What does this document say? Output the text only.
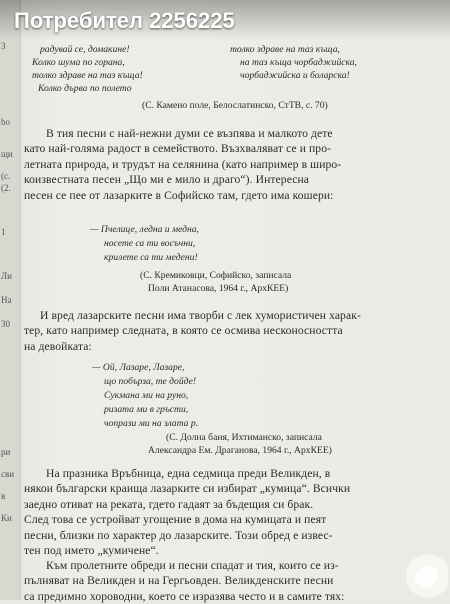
3
bo
щи
(с.
(2.
1
Ли
На
30
pи
сви
в
Ки
радувай се, домакине!
Колко шума по горана,
толко здраве на таз къща!
Колко дърва по полето
толко здраве на таз къща,
на таз къща чорбаджийска,
чорбаджийска и боларска!
(С. Камено поле, Белослатинско, СтТВ, с. 70)
В тия песни с най-нежни думи се възпява и малкото дете
като най-голяма радост в семейството. Възхваляват се и про-
летната природа, и трудът на селянина (като например в широ-
коизвестната песен „Що ми е мило и драго“). Интересна
песен се пее от лазарките в Софийско там, гдето има кошери:
— Пчелице, ледна и медна,
носете са ти восъчни,
крилете са ти медени!
(С. Кремиковци, Софийско, записала
Поли Атанасова, 1964 г., АрхКЕЕ)
И вред лазарските песни има творби с лек хумористичен харак-
тер, като например следната, в която се осмива несконосността
на девойката:
— Ой, Лазаре, Лазаре,
що побърза, те дойде!
Сукмана ми на руно,
ризата ми в гръсти,
чопрази ми на злата р.
(С. Долна баня, Ихтиманско, записала
Александра Ем. Драганова, 1964 г., АрхКЕЕ)
На празника Връбница, една седмица преди Великден, в
някои български краища лазарките си избират „кумица“. Всички
заедно отиват на реката, гдето гадаят за бъдещия си брак.
След това се устройват угощение в дома на кумицата и пеят
песни, близки по характер до лазарските. Този обред е извес-
тен под името „кумичене“.
Към пролетните обреди и песни спадат и тия, които се из-
пълняват на Великден и на Гергьовден. Великденските песни
са предимно хороводни, което се изразява често и в самите тях:
Потребител 2256225
